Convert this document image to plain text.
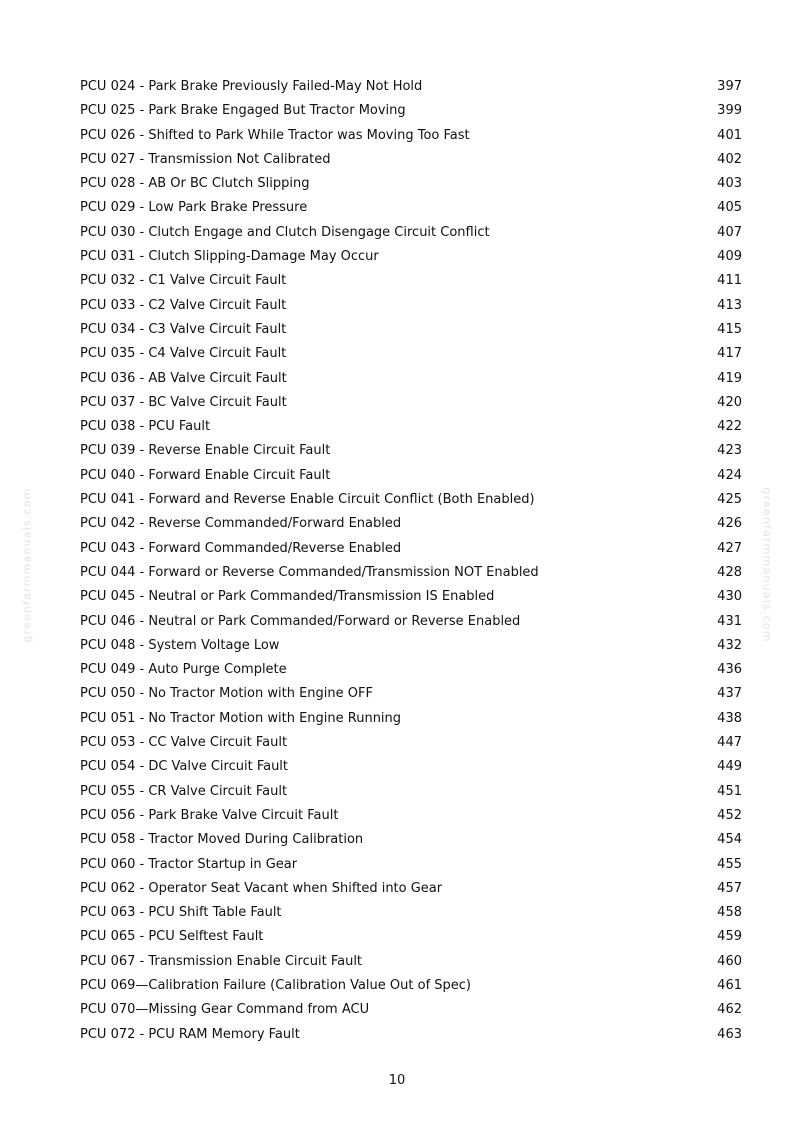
greenfarmmanuals.com	greenfarmmanuals.com
PCU 024 - Park Brake Previously Failed-May Not Hold	397
PCU 025 - Park Brake Engaged But Tractor Moving	399
PCU 026 - Shifted to Park While Tractor was Moving Too Fast	401
PCU 027 - Transmission Not Calibrated	402
PCU 028 - AB Or BC Clutch Slipping	403
PCU 029 - Low Park Brake Pressure	405
PCU 030 - Clutch Engage and Clutch Disengage Circuit Conflict	407
PCU 031 - Clutch Slipping-Damage May Occur	409
PCU 032 - C1 Valve Circuit Fault	411
PCU 033 - C2 Valve Circuit Fault	413
PCU 034 - C3 Valve Circuit Fault	415
PCU 035 - C4 Valve Circuit Fault	417
PCU 036 - AB Valve Circuit Fault	419
PCU 037 - BC Valve Circuit Fault	420
PCU 038 - PCU Fault	422
PCU 039 - Reverse Enable Circuit Fault	423
PCU 040 - Forward Enable Circuit Fault	424
PCU 041 - Forward and Reverse Enable Circuit Conflict (Both Enabled)	425
PCU 042 - Reverse Commanded/Forward Enabled	426
PCU 043 - Forward Commanded/Reverse Enabled	427
PCU 044 - Forward or Reverse Commanded/Transmission NOT Enabled	428
PCU 045 - Neutral or Park Commanded/Transmission IS Enabled	430
PCU 046 - Neutral or Park Commanded/Forward or Reverse Enabled	431
PCU 048 - System Voltage Low	432
PCU 049 - Auto Purge Complete	436
PCU 050 - No Tractor Motion with Engine OFF	437
PCU 051 - No Tractor Motion with Engine Running	438
PCU 053 - CC Valve Circuit Fault	447
PCU 054 - DC Valve Circuit Fault	449
PCU 055 - CR Valve Circuit Fault	451
PCU 056 - Park Brake Valve Circuit Fault	452
PCU 058 - Tractor Moved During Calibration	454
PCU 060 - Tractor Startup in Gear	455
PCU 062 - Operator Seat Vacant when Shifted into Gear	457
PCU 063 - PCU Shift Table Fault	458
PCU 065 - PCU Selftest Fault	459
PCU 067 - Transmission Enable Circuit Fault	460
PCU 069—Calibration Failure (Calibration Value Out of Spec)	461
PCU 070—Missing Gear Command from ACU	462
PCU 072 - PCU RAM Memory Fault	463
10
